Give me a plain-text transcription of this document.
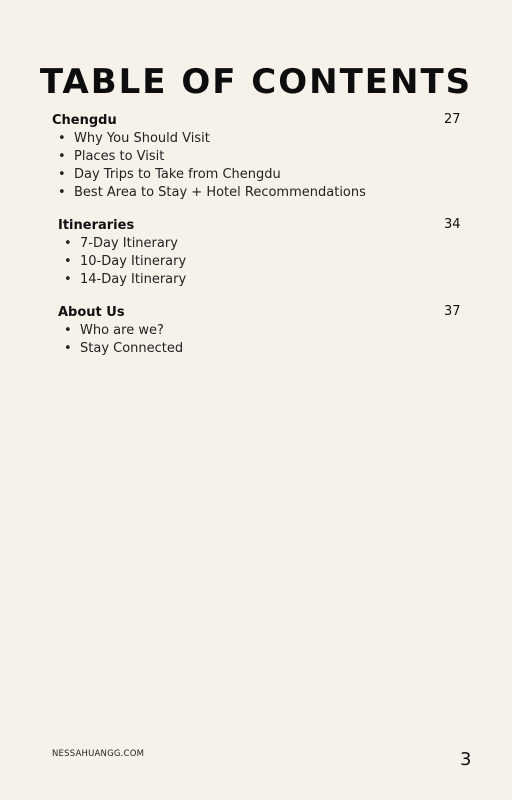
TABLE OF CONTENTS
Chengdu	27
• Why You Should Visit
• Places to Visit
• Day Trips to Take from Chengdu
• Best Area to Stay + Hotel Recommendations
Itineraries	34
• 7-Day Itinerary
• 10-Day Itinerary
• 14-Day Itinerary
About Us	37
• Who are we?
• Stay Connected
NESSAHUANGG.COM	3
